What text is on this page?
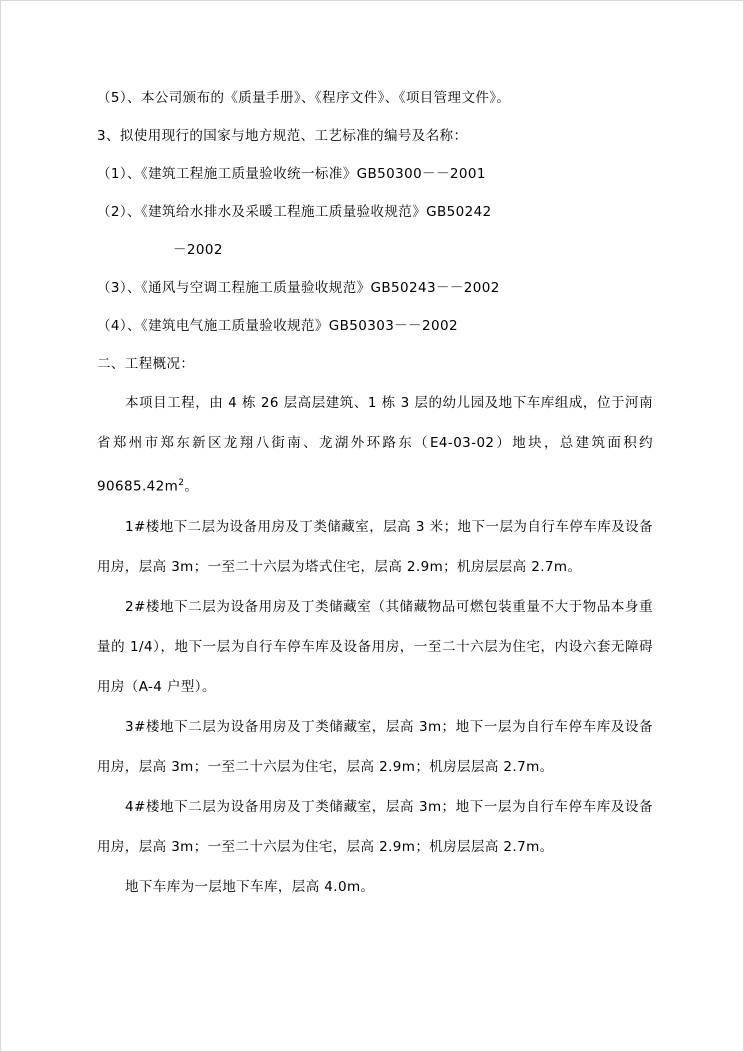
（5）、本公司颁布的《质量手册》、《程序文件》、《项目管理文件》。

3、拟使用现行的国家与地方规范、工艺标准的编号及名称：

（1）、《建筑工程施工质量验收统一标准》GB50300－－2001

（2）、《建筑给水排水及采暖工程施工质量验收规范》GB50242

－2002

（3）、《通风与空调工程施工质量验收规范》GB50243－－2002

（4）、《建筑电气施工质量验收规范》GB50303－－2002

二、工程概况：

本项目工程，由 4 栋 26 层高层建筑、1 栋 3 层的幼儿园及地下车库组成，位于河南省郑州市郑东新区龙翔八街南、龙湖外环路东（E4-03-02）地块，总建筑面积约 $90685.42m^2$。

1#楼地下二层为设备用房及丁类储藏室，层高 3 米；地下一层为自行车停车库及设备用房，层高 3m；一至二十六层为塔式住宅，层高 2.9m；机房层层高 2.7m。

2#楼地下二层为设备用房及丁类储藏室（其储藏物品可燃包装重量不大于物品本身重量的 1/4），地下一层为自行车停车库及设备用房，一至二十六层为住宅，内设六套无障碍用房（A-4 户型）。

3#楼地下二层为设备用房及丁类储藏室，层高 3m；地下一层为自行车停车库及设备用房，层高 3m；一至二十六层为住宅，层高 2.9m；机房层层高 2.7m。

4#楼地下二层为设备用房及丁类储藏室，层高 3m；地下一层为自行车停车库及设备用房，层高 3m；一至二十六层为住宅，层高 2.9m；机房层层高 2.7m。

地下车库为一层地下车库，层高 4.0m。
